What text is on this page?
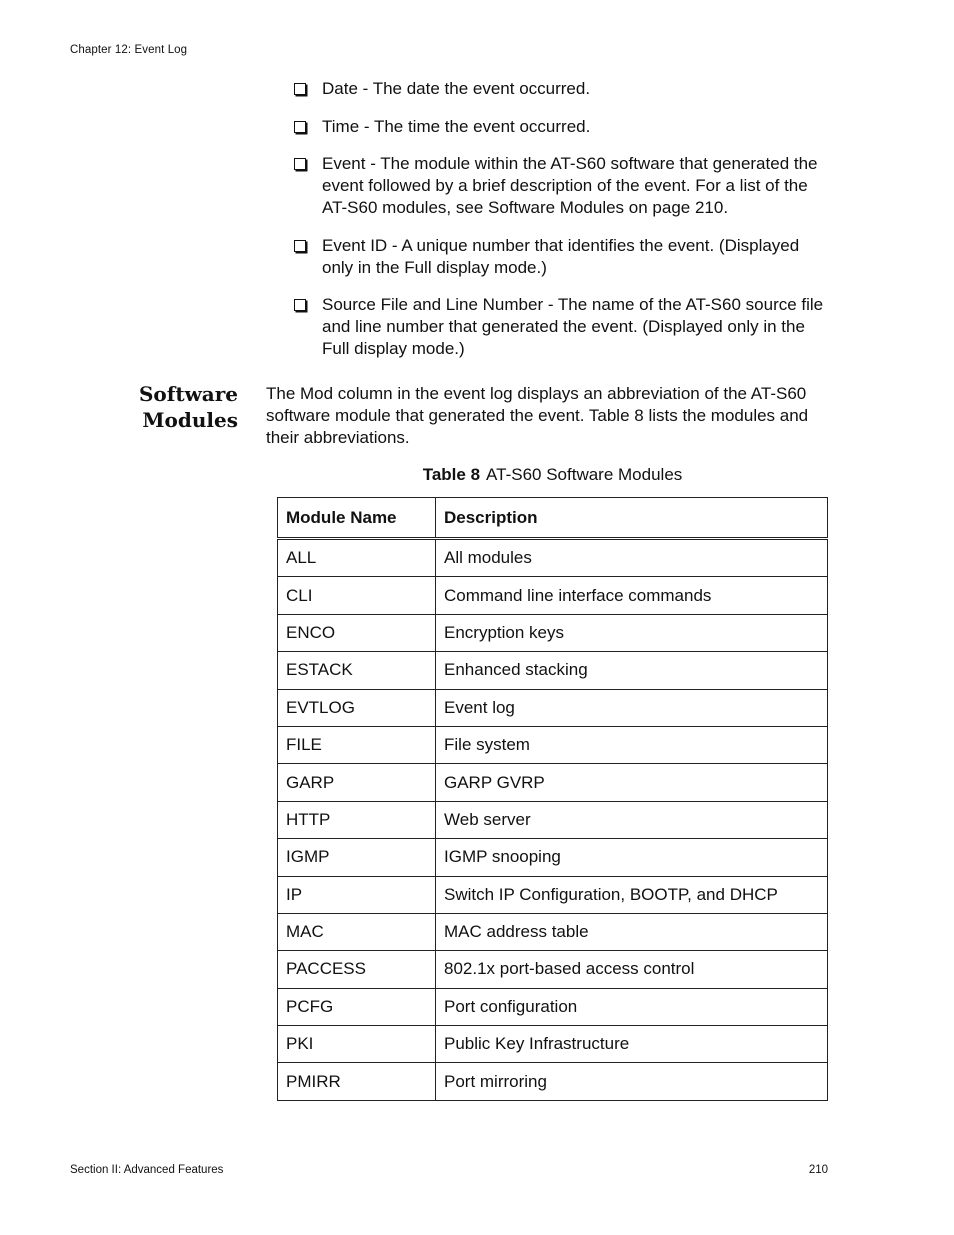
Chapter 12: Event Log
Date - The date the event occurred.
Time - The time the event occurred.
Event - The module within the AT-S60 software that generated the event followed by a brief description of the event. For a list of the AT-S60 modules, see Software Modules on page 210.
Event ID - A unique number that identifies the event. (Displayed only in the Full display mode.)
Source File and Line Number - The name of the AT-S60 source file and line number that generated the event. (Displayed only in the Full display mode.)
Software
Modules

The Mod column in the event log displays an abbreviation of the AT-S60 software module that generated the event. Table 8 lists the modules and their abbreviations.

Table 8 AT-S60 Software Modules
Module Name	Description
ALL	All modules
CLI	Command line interface commands
ENCO	Encryption keys
ESTACK	Enhanced stacking
EVTLOG	Event log
FILE	File system
GARP	GARP GVRP
HTTP	Web server
IGMP	IGMP snooping
IP	Switch IP Configuration, BOOTP, and DHCP
MAC	MAC address table
PACCESS	802.1x port-based access control
PCFG	Port configuration
PKI	Public Key Infrastructure
PMIRR	Port mirroring
Section II: Advanced Features	210
